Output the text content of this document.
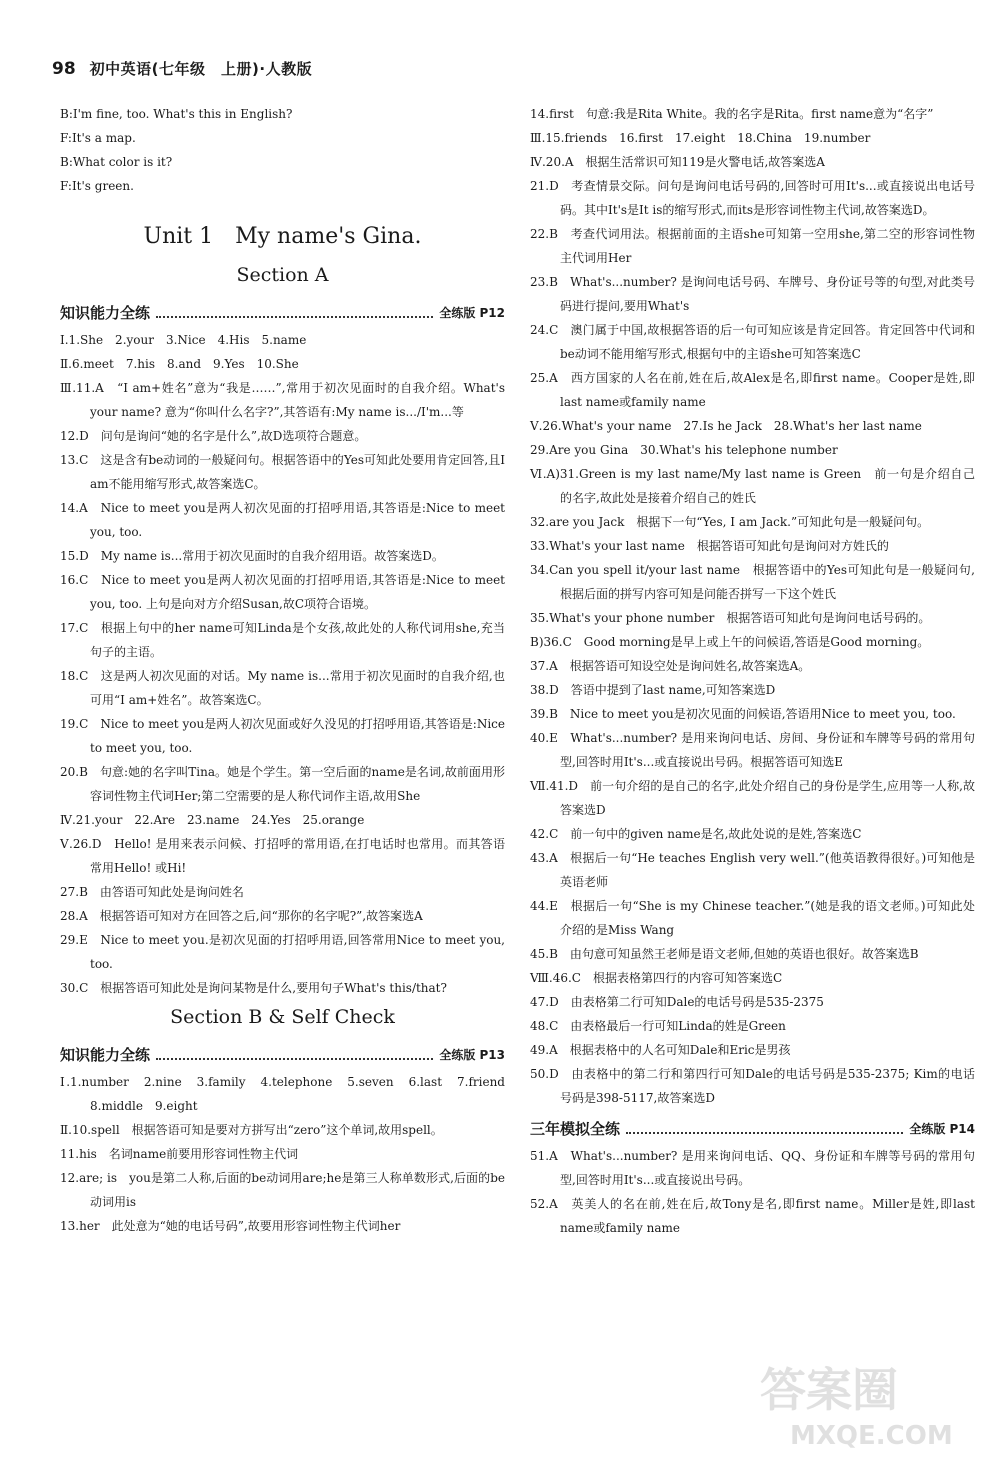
98 初中英语(七年级　上册)·人教版
B:I'm fine, too. What's this in English?
F:It's a map.
B:What color is it?
F:It's green.
Unit 1　My name's Gina.
Section A
知识能力全练	全练版 P12
Ⅰ.1.She　2.your　3.Nice　4.His　5.name
Ⅱ.6.meet　7.his　8.and　9.Yes　10.She
Ⅲ.11.A　“I am+姓名”意为“我是……”,常用于初次见面时的自我介绍。What's your name? 意为“你叫什么名字?”,其答语有:My name is.../I'm...等
12.D　问句是询问“她的名字是什么”,故D选项符合题意。
13.C　这是含有be动词的一般疑问句。根据答语中的Yes可知此处要用肯定回答,且I am不能用缩写形式,故答案选C。
14.A　Nice to meet you是两人初次见面的打招呼用语,其答语是:Nice to meet you, too.
15.D　My name is...常用于初次见面时的自我介绍用语。故答案选D。
16.C　Nice to meet you是两人初次见面的打招呼用语,其答语是:Nice to meet you, too. 上句是向对方介绍Susan,故C项符合语境。
17.C　根据上句中的her name可知Linda是个女孩,故此处的人称代词用she,充当句子的主语。
18.C　这是两人初次见面的对话。My name is...常用于初次见面时的自我介绍,也可用“I am+姓名”。故答案选C。
19.C　Nice to meet you是两人初次见面或好久没见的打招呼用语,其答语是:Nice to meet you, too.
20.B　句意:她的名字叫Tina。她是个学生。第一空后面的name是名词,故前面用形容词性物主代词Her;第二空需要的是人称代词作主语,故用She
Ⅳ.21.your　22.Are　23.name　24.Yes　25.orange
Ⅴ.26.D　Hello! 是用来表示问候、打招呼的常用语,在打电话时也常用。而其答语常用Hello! 或Hi!
27.B　由答语可知此处是询问姓名
28.A　根据答语可知对方在回答之后,问“那你的名字呢?”,故答案选A
29.E　Nice to meet you.是初次见面的打招呼用语,回答常用Nice to meet you, too.
30.C　根据答语可知此处是询问某物是什么,要用句子What's this/that?
Section B & Self Check
知识能力全练	全练版 P13
Ⅰ.1.number　2.nine　3.family　4.telephone　5.seven　6.last　7.friend　8.middle　9.eight
Ⅱ.10.spell　根据答语可知是要对方拼写出“zero”这个单词,故用spell。
11.his　名词name前要用形容词性物主代词
12.are; is　you是第二人称,后面的be动词用are;he是第三人称单数形式,后面的be动词用is
13.her　此处意为“她的电话号码”,故要用形容词性物主代词her
14.first　句意:我是Rita White。我的名字是Rita。first name意为“名字”
Ⅲ.15.friends　16.first　17.eight　18.China　19.number
Ⅳ.20.A　根据生活常识可知119是火警电话,故答案选A
21.D　考查情景交际。问句是询问电话号码的,回答时可用It's...或直接说出电话号码。其中It's是It is的缩写形式,而its是形容词性物主代词,故答案选D。
22.B　考查代词用法。根据前面的主语she可知第一空用she,第二空的形容词性物主代词用Her
23.B　What's...number? 是询问电话号码、车牌号、身份证号等的句型,对此类号码进行提问,要用What's
24.C　澳门属于中国,故根据答语的后一句可知应该是肯定回答。肯定回答中代词和be动词不能用缩写形式,根据句中的主语she可知答案选C
25.A　西方国家的人名在前,姓在后,故Alex是名,即first name。Cooper是姓,即last name或family name
Ⅴ.26.What's your name　27.Is he Jack　28.What's her last name
29.Are you Gina　30.What's his telephone number
Ⅵ.A)31.Green is my last name/My last name is Green　前一句是介绍自己的名字,故此处是接着介绍自己的姓氏
32.are you Jack　根据下一句“Yes, I am Jack.”可知此句是一般疑问句。
33.What's your last name　根据答语可知此句是询问对方姓氏的
34.Can you spell it/your last name　根据答语中的Yes可知此句是一般疑问句,根据后面的拼写内容可知是问能否拼写一下这个姓氏
35.What's your phone number　根据答语可知此句是询问电话号码的。
B)36.C　Good morning是早上或上午的问候语,答语是Good morning。
37.A　根据答语可知设空处是询问姓名,故答案选A。
38.D　答语中提到了last name,可知答案选D
39.B　Nice to meet you是初次见面的问候语,答语用Nice to meet you, too.
40.E　What's...number? 是用来询问电话、房间、身份证和车牌等号码的常用句型,回答时用It's...或直接说出号码。根据答语可知选E
Ⅶ.41.D　前一句介绍的是自己的名字,此处介绍自己的身份是学生,应用等一人称,故答案选D
42.C　前一句中的given name是名,故此处说的是姓,答案选C
43.A　根据后一句“He teaches English very well.”(他英语教得很好。)可知他是英语老师
44.E　根据后一句“She is my Chinese teacher.”(她是我的语文老师。)可知此处介绍的是Miss Wang
45.B　由句意可知虽然王老师是语文老师,但她的英语也很好。故答案选B
Ⅷ.46.C　根据表格第四行的内容可知答案选C
47.D　由表格第二行可知Dale的电话号码是535-2375
48.C　由表格最后一行可知Linda的姓是Green
49.A　根据表格中的人名可知Dale和Eric是男孩
50.D　由表格中的第二行和第四行可知Dale的电话号码是535-2375; Kim的电话号码是398-5117,故答案选D
三年模拟全练	全练版 P14
51.A　What's...number? 是用来询问电话、QQ、身份证和车牌等号码的常用句型,回答时用It's...或直接说出号码。
52.A　英美人的名在前,姓在后,故Tony是名,即first name。Miller是姓,即last name或family name
答案圈
MXQE.COM
